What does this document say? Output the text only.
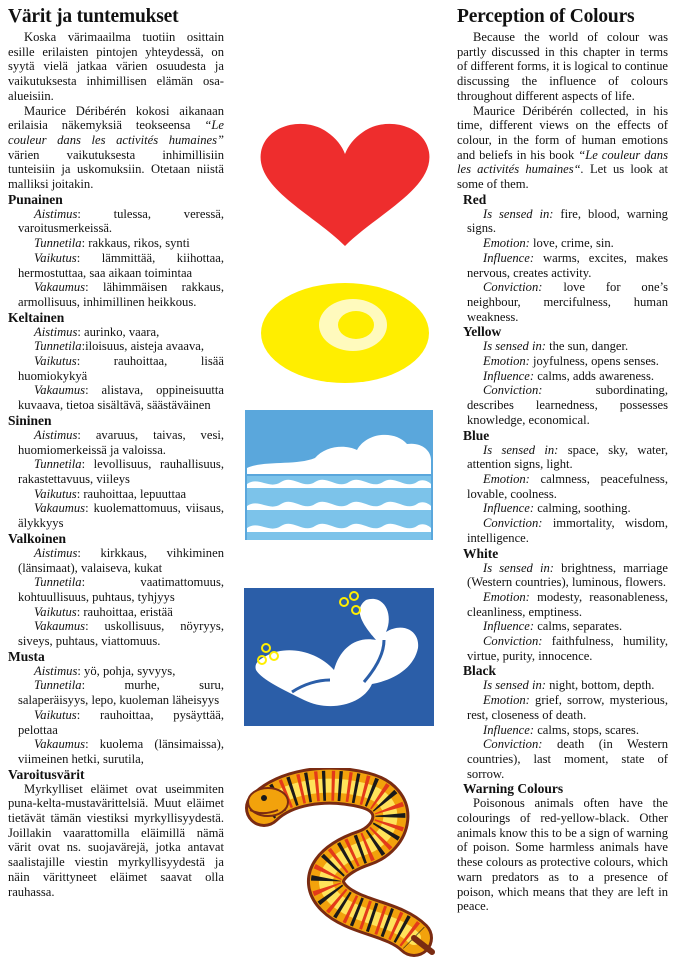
Värit ja tuntemukset

Koska värimaailma tuotiin osittain esille erilaisten pintojen yhteydessä, on syytä vielä jatkaa värien osuudesta ja vaikutuksesta inhimillisen elämän osa-alueisiin.

Maurice Déribérén kokosi aikanaan erilaisia näkemyksiä teokseensa “Le couleur dans les activités humaines” värien vaikutuksesta inhimillisiin tunteisiin ja uskomuksiin. Otetaan niistä malliksi joitakin.

Punainen

Aistimus: tulessa, veressä, varoitusmerkeissä.

Tunnetila: rakkaus, rikos, synti

Vaikutus: lämmittää, kiihottaa, hermostuttaa, saa aikaan toimintaa

Vakaumus: lähimmäisen rakkaus, armollisuus, inhimillinen heikkous.

Keltainen

Aistimus: aurinko, vaara,

Tunnetila:iloisuus, aisteja avaava,

Vaikutus: rauhoittaa, lisää huomiokykyä

Vakaumus: alistava, oppineisuutta kuvaava, tietoa sisältävä, säästäväinen

Sininen

Aistimus: avaruus, taivas, vesi, huomiomerkeissä ja valoissa.

Tunnetila: levollisuus, rauhallisuus, rakastettavuus, viileys

Vaikutus: rauhoittaa, lepuuttaa

Vakaumus: kuolemattomuus, viisaus, älykkyys

Valkoinen

Aistimus: kirkkaus, vihkiminen (länsimaat), valaiseva, kukat

Tunnetila: vaatimattomuus, kohtuullisuus, puhtaus, tyhjyys

Vaikutus: rauhoittaa, eristää

Vakaumus: uskollisuus, nöyryys, siveys, puhtaus, viattomuus.

Musta

Aistimus: yö, pohja, syvyys,

Tunnetila: murhe, suru, salaperäisyys, lepo, kuoleman läheisyys

Vaikutus: rauhoittaa, pysäyttää, pelottaa

Vakaumus: kuolema (länsimaissa), viimeinen hetki, surutila,

Varoitusvärit

Myrkylliset eläimet ovat useimmiten puna-kelta-mustavärittelsiä. Muut eläimet tietävät tämän viestiksi myrkyllisyydestä. Joillakin vaarattomilla eläimillä nämä värit ovat ns. suojavärejä, jotka antavat saalistajille viestin myrkyllisyydestä ja näin värittyneet eläimet saavat olla rauhassa.

Perception of Colours

Because the world of colour was partly discussed in this chapter in terms of different forms, it is logical to continue discussing the influence of colours throughout different aspects of life.

Maurice Déribérén collected, in his time, different views on the effects of colour, in the form of human emotions and beliefs in his book “Le couleur dans les activités humaines“. Let us look at some of them.

Red

Is sensed in: fire, blood, warning signs.

Emotion: love, crime, sin.

Influence: warms, excites, makes nervous, creates activity.

Conviction: love for one’s neighbour, mercifulness, human weakness.

Yellow

Is sensed in: the sun, danger.

Emotion: joyfulness, opens senses.

Influence: calms, adds awareness.

Conviction:	subordinating, describes learnedness, possesses knowledge, economical.

Blue

Is sensed in: space, sky, water, attention signs, light.

Emotion: calmness, peacefulness, lovable, coolness.

Influence: calming, soothing.

Conviction: immortality, wisdom, intelligence.

White

Is sensed in: brightness, marriage (Western countries), luminous, flowers.

Emotion: modesty, reasonableness, cleanliness, emptiness.

Influence: calms, separates.

Conviction: faithfulness, humility, virtue, purity, innocence.

Black

Is sensed in: night, bottom, depth.

Emotion: grief, sorrow, mysterious, rest, closeness of death.

Influence: calms, stops, scares.

Conviction: death (in Western countries), last moment, state of sorrow.

Warning Colours

Poisonous animals often have the colourings of red-yellow-black. Other animals know this to be a sign of warning of poison. Some harmless animals have these colours as protective colours, which warn predators as to a presence of poison, which means that they are left in peace.
